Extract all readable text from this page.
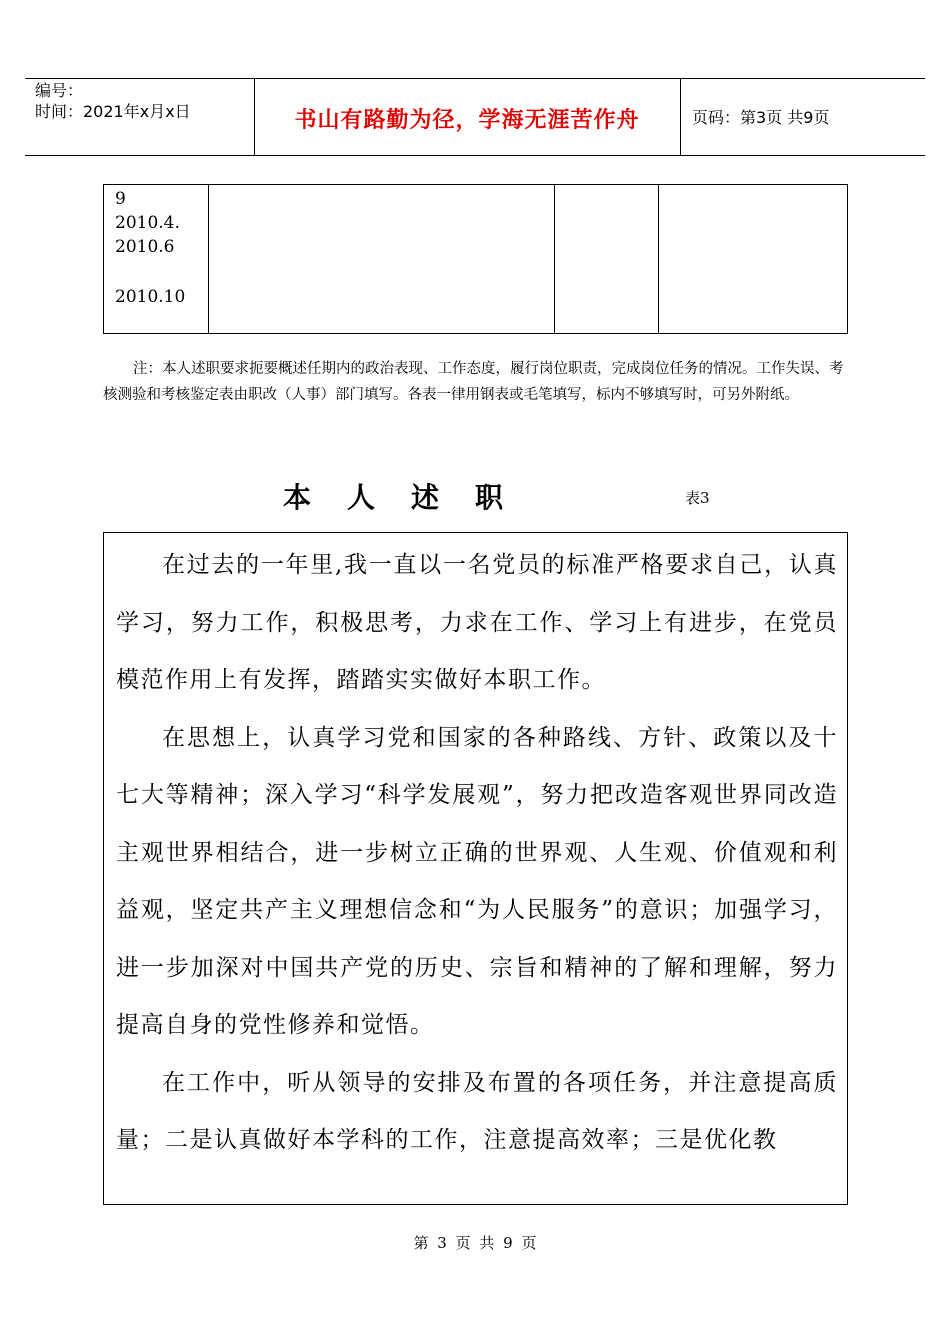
编号：
时间：2021年x月x日	书山有路勤为径，学海无涯苦作舟	页码：第3页 共9页
9
2010.4.
2010.6
2010.10
注：本人述职要求扼要概述任期内的政治表现、工作态度，履行岗位职责，完成岗位任务的情况。工作失误、考核测验和考核鉴定表由职改（人事）部门填写。各表一律用钢表或毛笔填写，标内不够填写时，可另外附纸。
本人述职	表3

在过去的一年里,我一直以一名党员的标准严格要求自己，认真学习，努力工作，积极思考，力求在工作、学习上有进步，在党员模范作用上有发挥，踏踏实实做好本职工作。

在思想上，认真学习党和国家的各种路线、方针、政策以及十七大等精神；深入学习“科学发展观”，努力把改造客观世界同改造主观世界相结合，进一步树立正确的世界观、人生观、价值观和利益观，坚定共产主义理想信念和“为人民服务”的意识；加强学习，进一步加深对中国共产党的历史、宗旨和精神的了解和理解，努力提高自身的党性修养和觉悟。

在工作中，听从领导的安排及布置的各项任务，并注意提高质量；二是认真做好本学科的工作，注意提高效率；三是优化教

第 3 页 共 9 页
